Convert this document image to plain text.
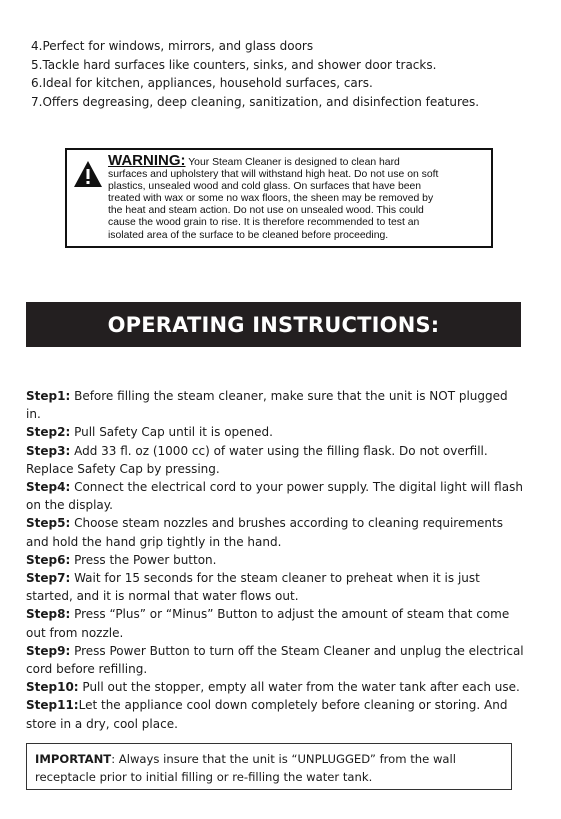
4.Perfect for windows, mirrors, and glass doors
5.Tackle hard surfaces like counters, sinks, and shower door tracks.
6.Ideal for kitchen, appliances, household surfaces, cars.
7.Offers degreasing, deep cleaning, sanitization, and disinfection features.
WARNING: Your Steam Cleaner is designed to clean hard
surfaces and upholstery that will withstand high heat. Do not use on soft
plastics, unsealed wood and cold glass. On surfaces that have been
treated with wax or some no wax floors, the sheen may be removed by
the heat and steam action. Do not use on unsealed wood. This could
cause the wood grain to rise. It is therefore recommended to test an
isolated area of the surface to be cleaned before proceeding.
OPERATING INSTRUCTIONS:
Step1: Before filling the steam cleaner, make sure that the unit is NOT plugged in.
Step2: Pull Safety Cap until it is opened.
Step3: Add 33 fl. oz (1000 cc) of water using the filling flask. Do not overfill. Replace Safety Cap by pressing.
Step4: Connect the electrical cord to your power supply. The digital light will flash on the display.
Step5: Choose steam nozzles and brushes according to cleaning requirements and hold the hand grip tightly in the hand.
Step6: Press the Power button.
Step7: Wait for 15 seconds for the steam cleaner to preheat when it is just started, and it is normal that water flows out.
Step8: Press “Plus” or “Minus” Button to adjust the amount of steam that come out from nozzle.
Step9: Press Power Button to turn off the Steam Cleaner and unplug the electrical cord before refilling.
Step10: Pull out the stopper, empty all water from the water tank after each use.
Step11:Let the appliance cool down completely before cleaning or storing. And store in a dry, cool place.
IMPORTANT: Always insure that the unit is “UNPLUGGED” from the wall receptacle prior to initial filling or re-filling the water tank.
